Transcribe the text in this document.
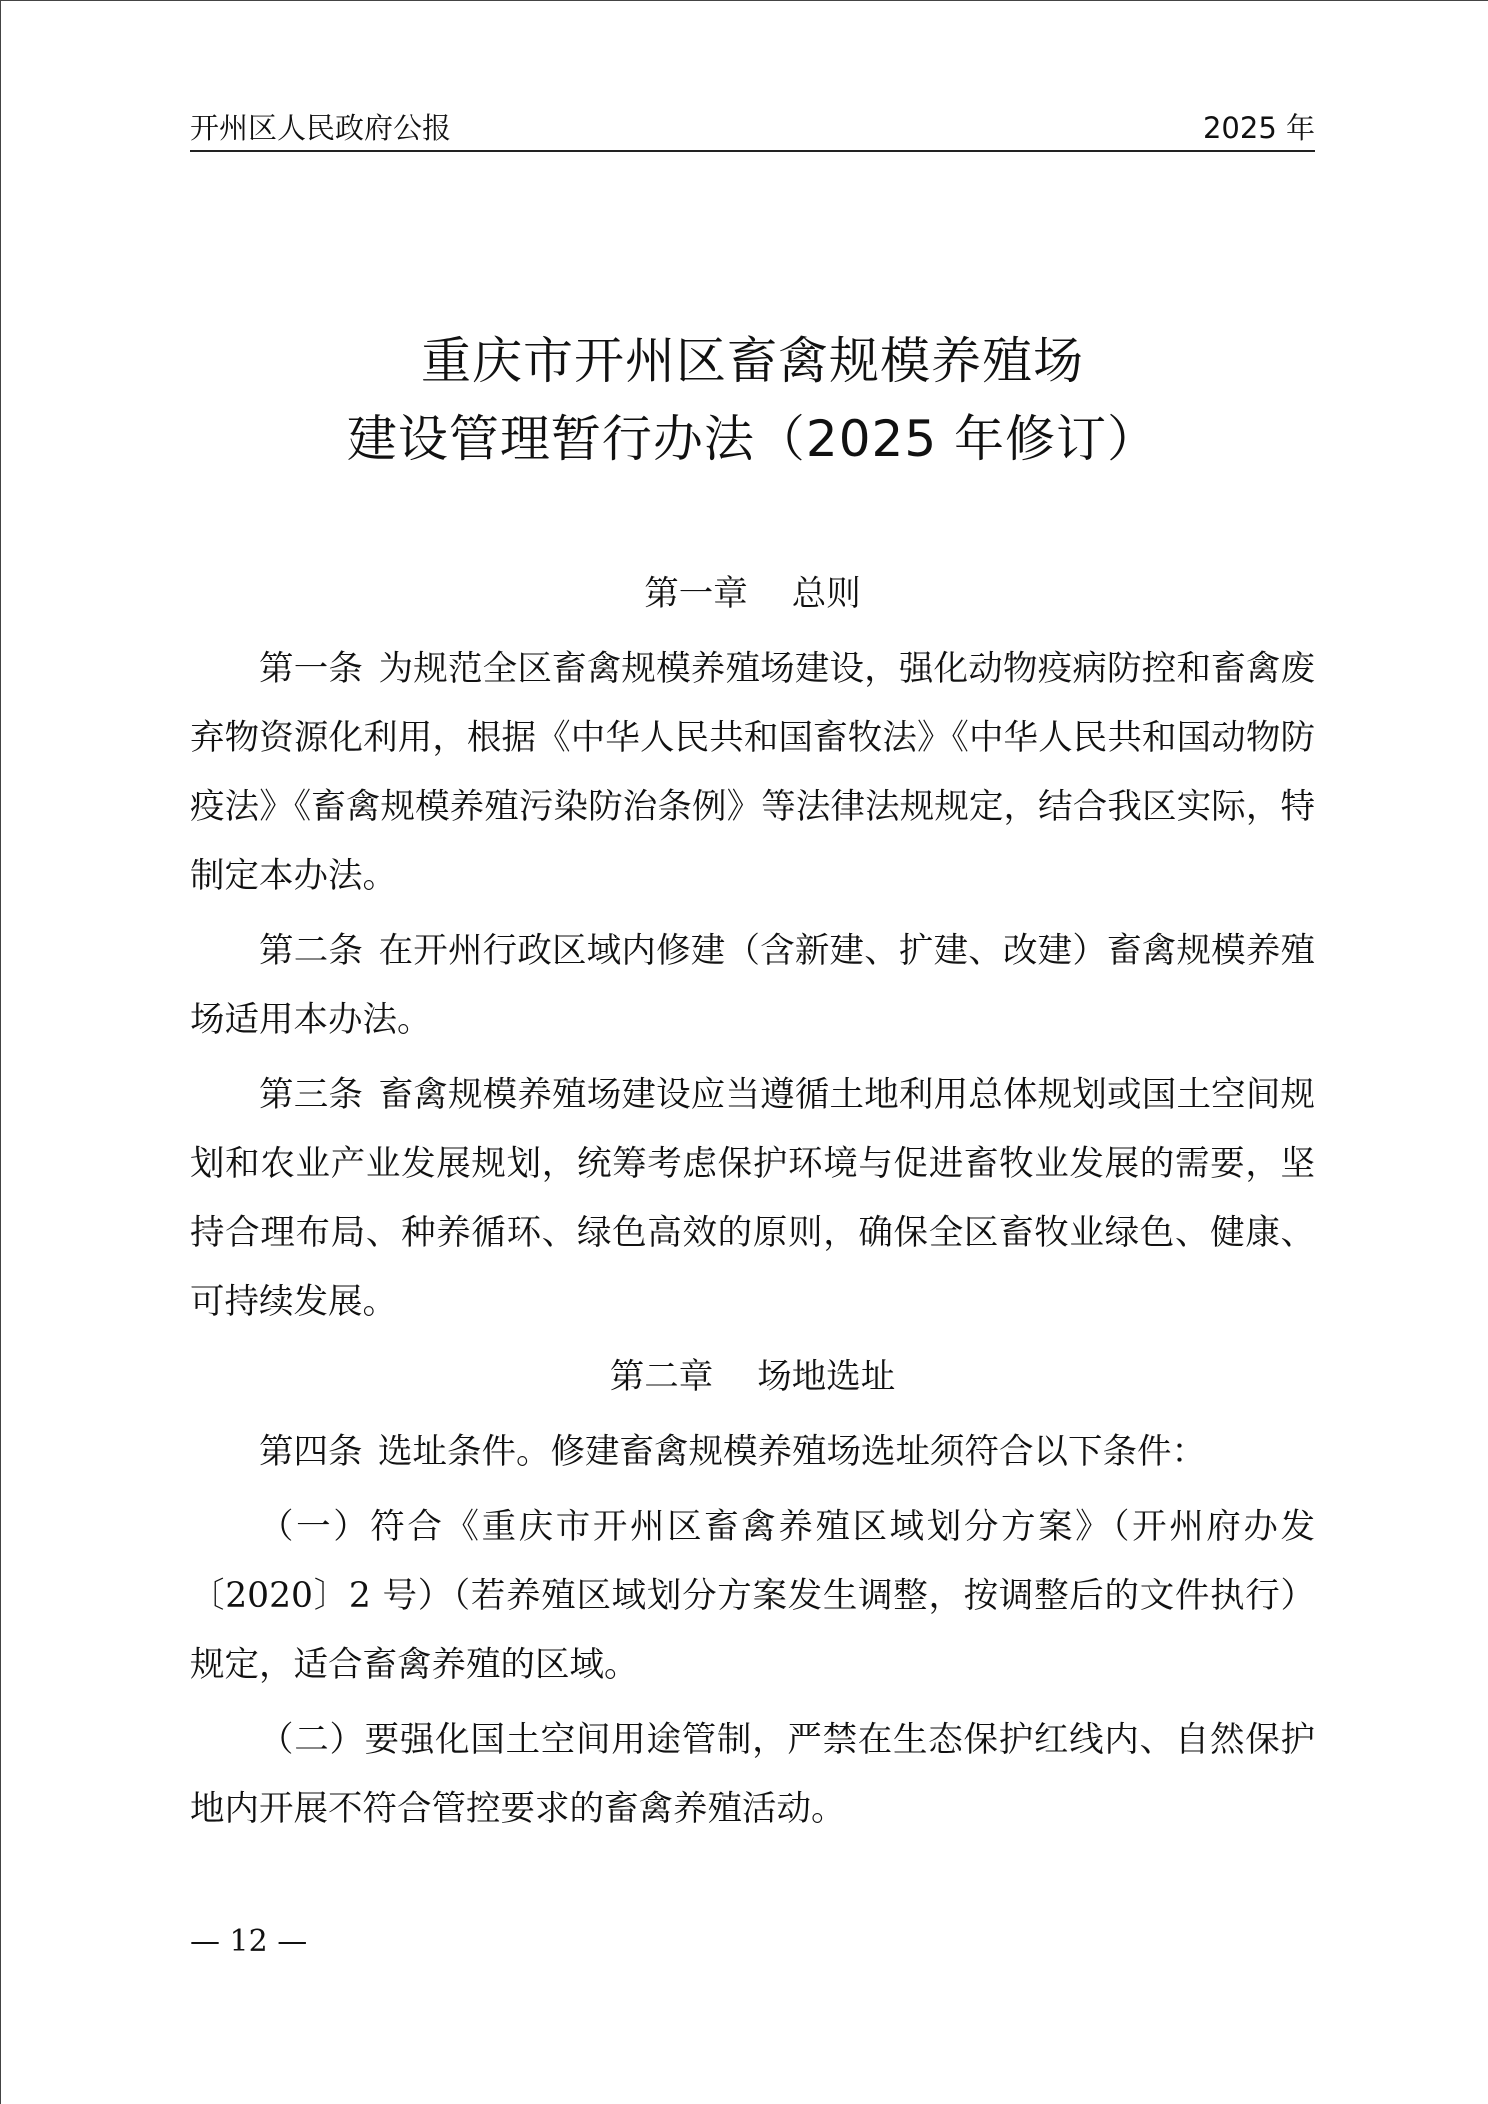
开州区人民政府公报	2025 年
重庆市开州区畜禽规模养殖场
建设管理暂行办法（2025 年修订）
第一章 总则
第一条 为规范全区畜禽规模养殖场建设，强化动物疫病防控和畜禽废弃物资源化利用，根据《中华人民共和国畜牧法》《中华人民共和国动物防疫法》《畜禽规模养殖污染防治条例》等法律法规规定，结合我区实际，特制定本办法。
第二条 在开州行政区域内修建（含新建、扩建、改建）畜禽规模养殖场适用本办法。
第三条 畜禽规模养殖场建设应当遵循土地利用总体规划或国土空间规划和农业产业发展规划，统筹考虑保护环境与促进畜牧业发展的需要，坚持合理布局、种养循环、绿色高效的原则，确保全区畜牧业绿色、健康、可持续发展。
第二章 场地选址
第四条 选址条件。修建畜禽规模养殖场选址须符合以下条件：
（一）符合《重庆市开州区畜禽养殖区域划分方案》（开州府办发〔2020〕2 号）（若养殖区域划分方案发生调整，按调整后的文件执行）规定，适合畜禽养殖的区域。
（二）要强化国土空间用途管制，严禁在生态保护红线内、自然保护地内开展不符合管控要求的畜禽养殖活动。
— 12 —
